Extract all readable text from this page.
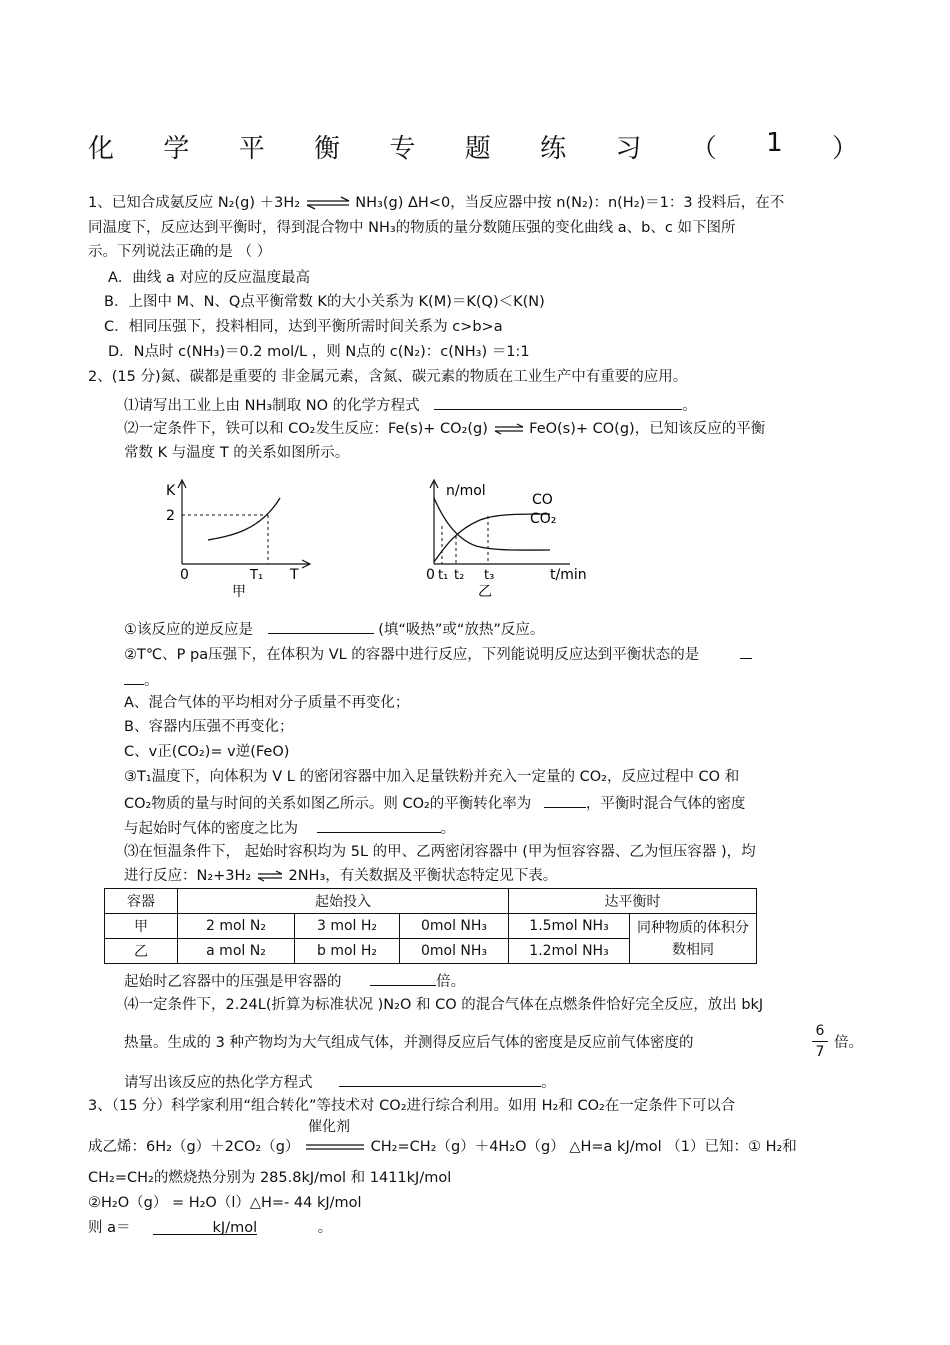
化 学 平 衡 专 题 练 习 （ 1 ）
1、已知合成氨反应 N₂(g) ＋3H₂ ⇌ NH₃(g) ΔH<0，当反应器中按 n(N₂)：n(H₂)＝1：3 投料后，在不
同温度下，反应达到平衡时，得到混合物中 NH₃的物质的量分数随压强的变化曲线 a、b、c 如下图所
示。下列说法正确的是 （ ）
A．曲线 a 对应的反应温度最高
B．上图中 M、N、Q点平衡常数 K的大小关系为 K(M)＝K(Q)＜K(N)
C．相同压强下，投料相同，达到平衡所需时间关系为 c>b>a
D．N点时 c(NH₃)＝0.2 mol/L ，则 N点的 c(N₂)：c(NH₃) ＝1:1
2、(15 分)氮、碳都是重要的 非金属元素，含氮、碳元素的物质在工业生产中有重要的应用。
⑴请写出工业上由 NH₃制取 NO 的化学方程式	。
⑵一定条件下，铁可以和 CO₂发生反应：Fe(s)+ CO₂(g) ⇌ FeO(s)+ CO(g)，已知该反应的平衡
常数 K 与温度 T 的关系如图所示。
K
2
0	T₁ T
甲
n/mol
CO
CO₂
0 t₁ t₂ t₃	t/min
乙
①该反应的逆反应是	(填“吸热”或“放热”反应。
②T℃、P pa压强下，在体积为 VL 的容器中进行反应，下列能说明反应达到平衡状态的是
。
A、混合气体的平均相对分子质量不再变化；
B、容器内压强不再变化；
C、v正(CO₂)= v逆(FeO)
③T₁温度下，向体积为 V L 的密闭容器中加入足量铁粉并充入一定量的 CO₂，反应过程中 CO 和
CO₂物质的量与时间的关系如图乙所示。则 CO₂的平衡转化率为	，平衡时混合气体的密度
与起始时气体的密度之比为	。
⑶在恒温条件下， 起始时容积均为 5L 的甲、乙两密闭容器中 (甲为恒容容器、乙为恒压容器 )，均
进行反应：N₂+3H₂ ⇌ 2NH₃，有关数据及平衡状态特定见下表。
容器	起始投入			达平衡时	
甲	2 mol N₂	3 mol H₂	0mol NH₃	1.5mol NH₃	同种物质的体积分数相同
乙	a mol N₂	b mol H₂	0mol NH₃	1.2mol NH₃	
起始时乙容器中的压强是甲容器的	倍。
⑷一定条件下，2.24L(折算为标准状况 )N₂O 和 CO 的混合气体在点燃条件恰好完全反应，放出 bkJ
热量。生成的 3 种产物均为大气组成气体，并测得反应后气体的密度是反应前气体密度的
6
7
倍。
请写出该反应的热化学方程式	。
3、（15 分）科学家利用“组合转化”等技术对 CO₂进行综合利用。如用 H₂和 CO₂在一定条件下可以合
成乙烯：6H₂（g）＋2CO₂（g）
催化剂
CH₂=CH₂（g）＋4H₂O（g） △H=a kJ/mol （1）已知：① H₂和
CH₂=CH₂的燃烧热分别为 285.8kJ/mol 和 1411kJ/mol
②H₂O（g） = H₂O（l）△H=- 44 kJ/mol
则 a＝	kJ/mol	。
